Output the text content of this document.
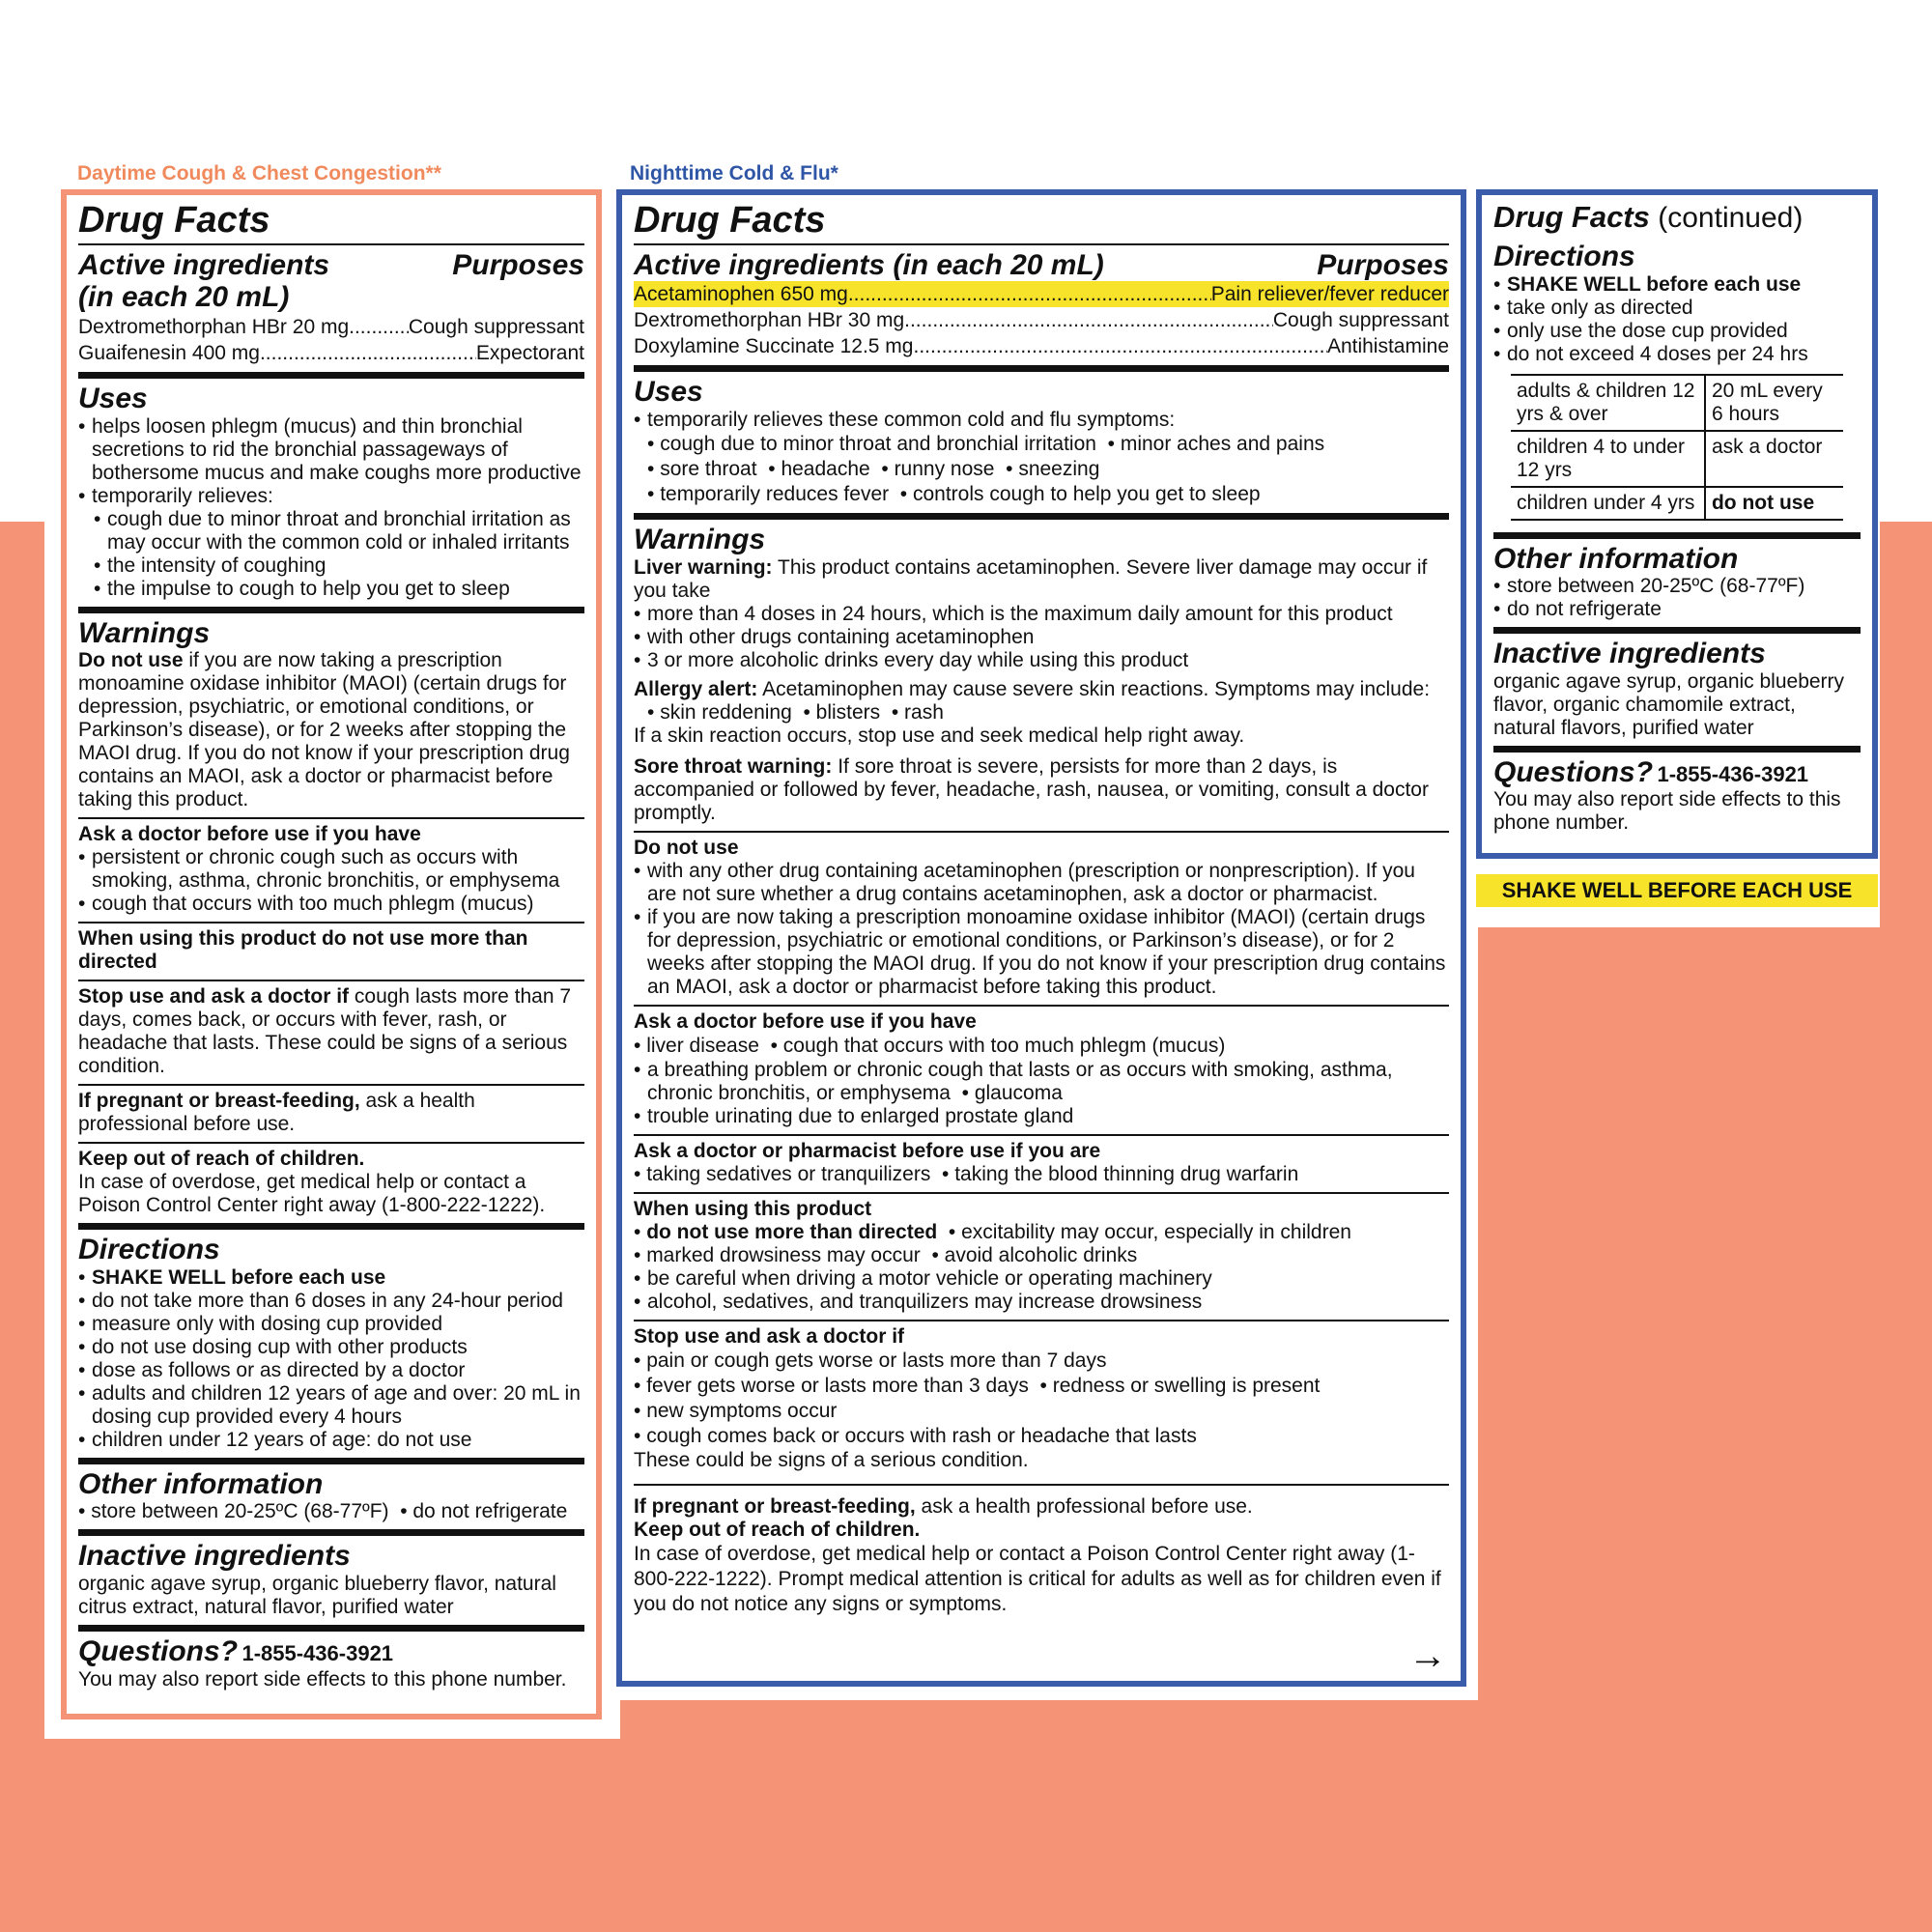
Daytime Cough & Chest Congestion**	Nighttime Cold & Flu*
Drug Facts
Active ingredients	Purposes
(in each 20 mL)
Dextromethorphan HBr 20 mg .....	Cough suppressant
Guaifenesin 400 mg .....	Expectorant
Uses
• helps loosen phlegm (mucus) and thin bronchial secretions to rid the bronchial passageways of bothersome mucus and make coughs more productive
• temporarily relieves:
• cough due to minor throat and bronchial irritation as may occur with the common cold or inhaled irritants
• the intensity of coughing
• the impulse to cough to help you get to sleep
Warnings
Do not use if you are now taking a prescription monoamine oxidase inhibitor (MAOI) (certain drugs for depression, psychiatric, or emotional conditions, or Parkinson’s disease), or for 2 weeks after stopping the MAOI drug. If you do not know if your prescription drug contains an MAOI, ask a doctor or pharmacist before taking this product.
Ask a doctor before use if you have
• persistent or chronic cough such as occurs with smoking, asthma, chronic bronchitis, or emphysema
• cough that occurs with too much phlegm (mucus)
When using this product do not use more than directed
Stop use and ask a doctor if cough lasts more than 7 days, comes back, or occurs with fever, rash, or headache that lasts. These could be signs of a serious condition.
If pregnant or breast-feeding, ask a health professional before use.
Keep out of reach of children.
In case of overdose, get medical help or contact a Poison Control Center right away (1-800-222-1222).
Directions
• SHAKE WELL before each use
• do not take more than 6 doses in any 24-hour period
• measure only with dosing cup provided
• do not use dosing cup with other products
• dose as follows or as directed by a doctor
• adults and children 12 years of age and over: 20 mL in dosing cup provided every 4 hours
• children under 12 years of age: do not use
Other information
• store between 20-25ºC (68-77ºF) • do not refrigerate
Inactive ingredients
organic agave syrup, organic blueberry flavor, natural citrus extract, natural flavor, purified water
Questions? 1-855-436-3921
You may also report side effects to this phone number.
Drug Facts
Active ingredients (in each 20 mL)	Purposes
Acetaminophen 650 mg .....	Pain reliever/fever reducer
Dextromethorphan HBr 30 mg .....	Cough suppressant
Doxylamine Succinate 12.5 mg .....	Antihistamine
Uses
• temporarily relieves these common cold and flu symptoms:
• cough due to minor throat and bronchial irritation • minor aches and pains
• sore throat • headache • runny nose • sneezing
• temporarily reduces fever • controls cough to help you get to sleep
Warnings
Liver warning: This product contains acetaminophen. Severe liver damage may occur if you take
• more than 4 doses in 24 hours, which is the maximum daily amount for this product
• with other drugs containing acetaminophen
• 3 or more alcoholic drinks every day while using this product
Allergy alert: Acetaminophen may cause severe skin reactions. Symptoms may include:
• skin reddening • blisters • rash
If a skin reaction occurs, stop use and seek medical help right away.
Sore throat warning: If sore throat is severe, persists for more than 2 days, is accompanied or followed by fever, headache, rash, nausea, or vomiting, consult a doctor promptly.
Do not use
• with any other drug containing acetaminophen (prescription or nonprescription). If you are not sure whether a drug contains acetaminophen, ask a doctor or pharmacist.
• if you are now taking a prescription monoamine oxidase inhibitor (MAOI) (certain drugs for depression, psychiatric or emotional conditions, or Parkinson’s disease), or for 2 weeks after stopping the MAOI drug. If you do not know if your prescription drug contains an MAOI, ask a doctor or pharmacist before taking this product.
Ask a doctor before use if you have
• liver disease • cough that occurs with too much phlegm (mucus)
• a breathing problem or chronic cough that lasts or as occurs with smoking, asthma, chronic bronchitis, or emphysema  • glaucoma
• trouble urinating due to enlarged prostate gland
Ask a doctor or pharmacist before use if you are
• taking sedatives or tranquilizers • taking the blood thinning drug warfarin
When using this product
• do not use more than directed • excitability may occur, especially in children
• marked drowsiness may occur • avoid alcoholic drinks
• be careful when driving a motor vehicle or operating machinery
• alcohol, sedatives, and tranquilizers may increase drowsiness
Stop use and ask a doctor if
• pain or cough gets worse or lasts more than 7 days
• fever gets worse or lasts more than 3 days • redness or swelling is present
• new symptoms occur
• cough comes back or occurs with rash or headache that lasts
These could be signs of a serious condition.
If pregnant or breast-feeding, ask a health professional before use.
Keep out of reach of children.
In case of overdose, get medical help or contact a Poison Control Center right away (1-800-222-1222). Prompt medical attention is critical for adults as well as for children even if you do not notice any signs or symptoms.
→
Drug Facts (continued)
Directions
• SHAKE WELL before each use
• take only as directed
• only use the dose cup provided
• do not exceed 4 doses per 24 hrs
adults & children 12 yrs & over	20 mL every 6 hours
children 4 to under 12 yrs	ask a doctor
children under 4 yrs	do not use
Other information
• store between 20-25ºC (68-77ºF)
• do not refrigerate
Inactive ingredients
organic agave syrup, organic blueberry flavor, organic chamomile extract, natural flavors, purified water
Questions? 1-855-436-3921
You may also report side effects to this phone number.
SHAKE WELL BEFORE EACH USE
